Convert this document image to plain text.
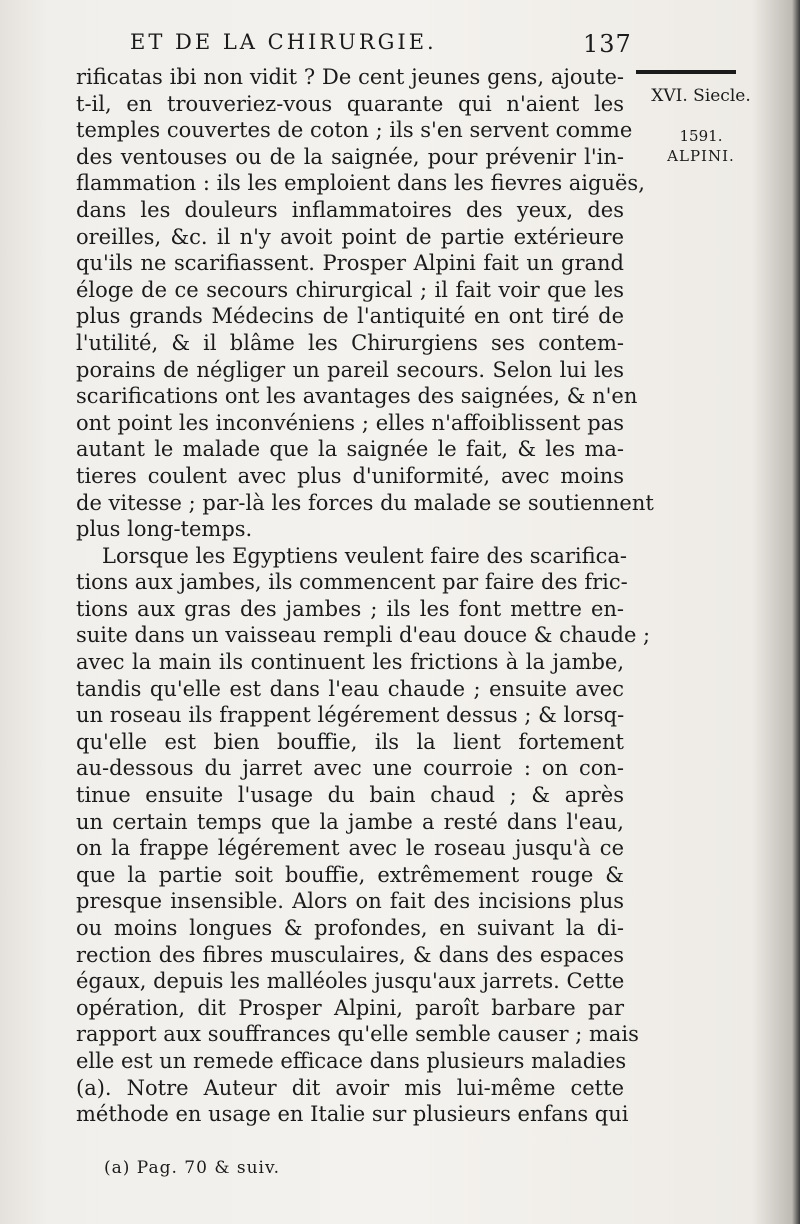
ET DE LA CHIRURGIE.	137
XVI. Siecle.
1591.
ALPINI.
rificatas ibi non vidit ? De cent jeunes gens, ajoute-
t-il, en trouveriez-vous quarante qui n'aient les
temples couvertes de coton ; ils s'en servent comme
des ventouses ou de la saignée, pour prévenir l'in-
flammation : ils les emploient dans les fievres aiguës,
dans les douleurs inflammatoires des yeux, des
oreilles, &c. il n'y avoit point de partie extérieure
qu'ils ne scarifiassent. Prosper Alpini fait un grand
éloge de ce secours chirurgical ; il fait voir que les
plus grands Médecins de l'antiquité en ont tiré de
l'utilité, & il blâme les Chirurgiens ses contem-
porains de négliger un pareil secours. Selon lui les
scarifications ont les avantages des saignées, & n'en
ont point les inconvéniens ; elles n'affoiblissent pas
autant le malade que la saignée le fait, & les ma-
tieres coulent avec plus d'uniformité, avec moins
de vitesse ; par-là les forces du malade se soutiennent
plus long-temps.
Lorsque les Egyptiens veulent faire des scarifica-
tions aux jambes, ils commencent par faire des fric-
tions aux gras des jambes ; ils les font mettre en-
suite dans un vaisseau rempli d'eau douce & chaude ;
avec la main ils continuent les frictions à la jambe,
tandis qu'elle est dans l'eau chaude ; ensuite avec
un roseau ils frappent légérement dessus ; & lorsq-
qu'elle est bien bouffie, ils la lient fortement
au-dessous du jarret avec une courroie : on con-
tinue ensuite l'usage du bain chaud ; & après
un certain temps que la jambe a resté dans l'eau,
on la frappe légérement avec le roseau jusqu'à ce
que la partie soit bouffie, extrêmement rouge &
presque insensible. Alors on fait des incisions plus
ou moins longues & profondes, en suivant la di-
rection des fibres musculaires, & dans des espaces
égaux, depuis les malléoles jusqu'aux jarrets. Cette
opération, dit Prosper Alpini, paroît barbare par
rapport aux souffrances qu'elle semble causer ; mais
elle est un remede efficace dans plusieurs maladies
(a). Notre Auteur dit avoir mis lui-même cette
méthode en usage en Italie sur plusieurs enfans qui
(a) Pag. 70 & suiv.
